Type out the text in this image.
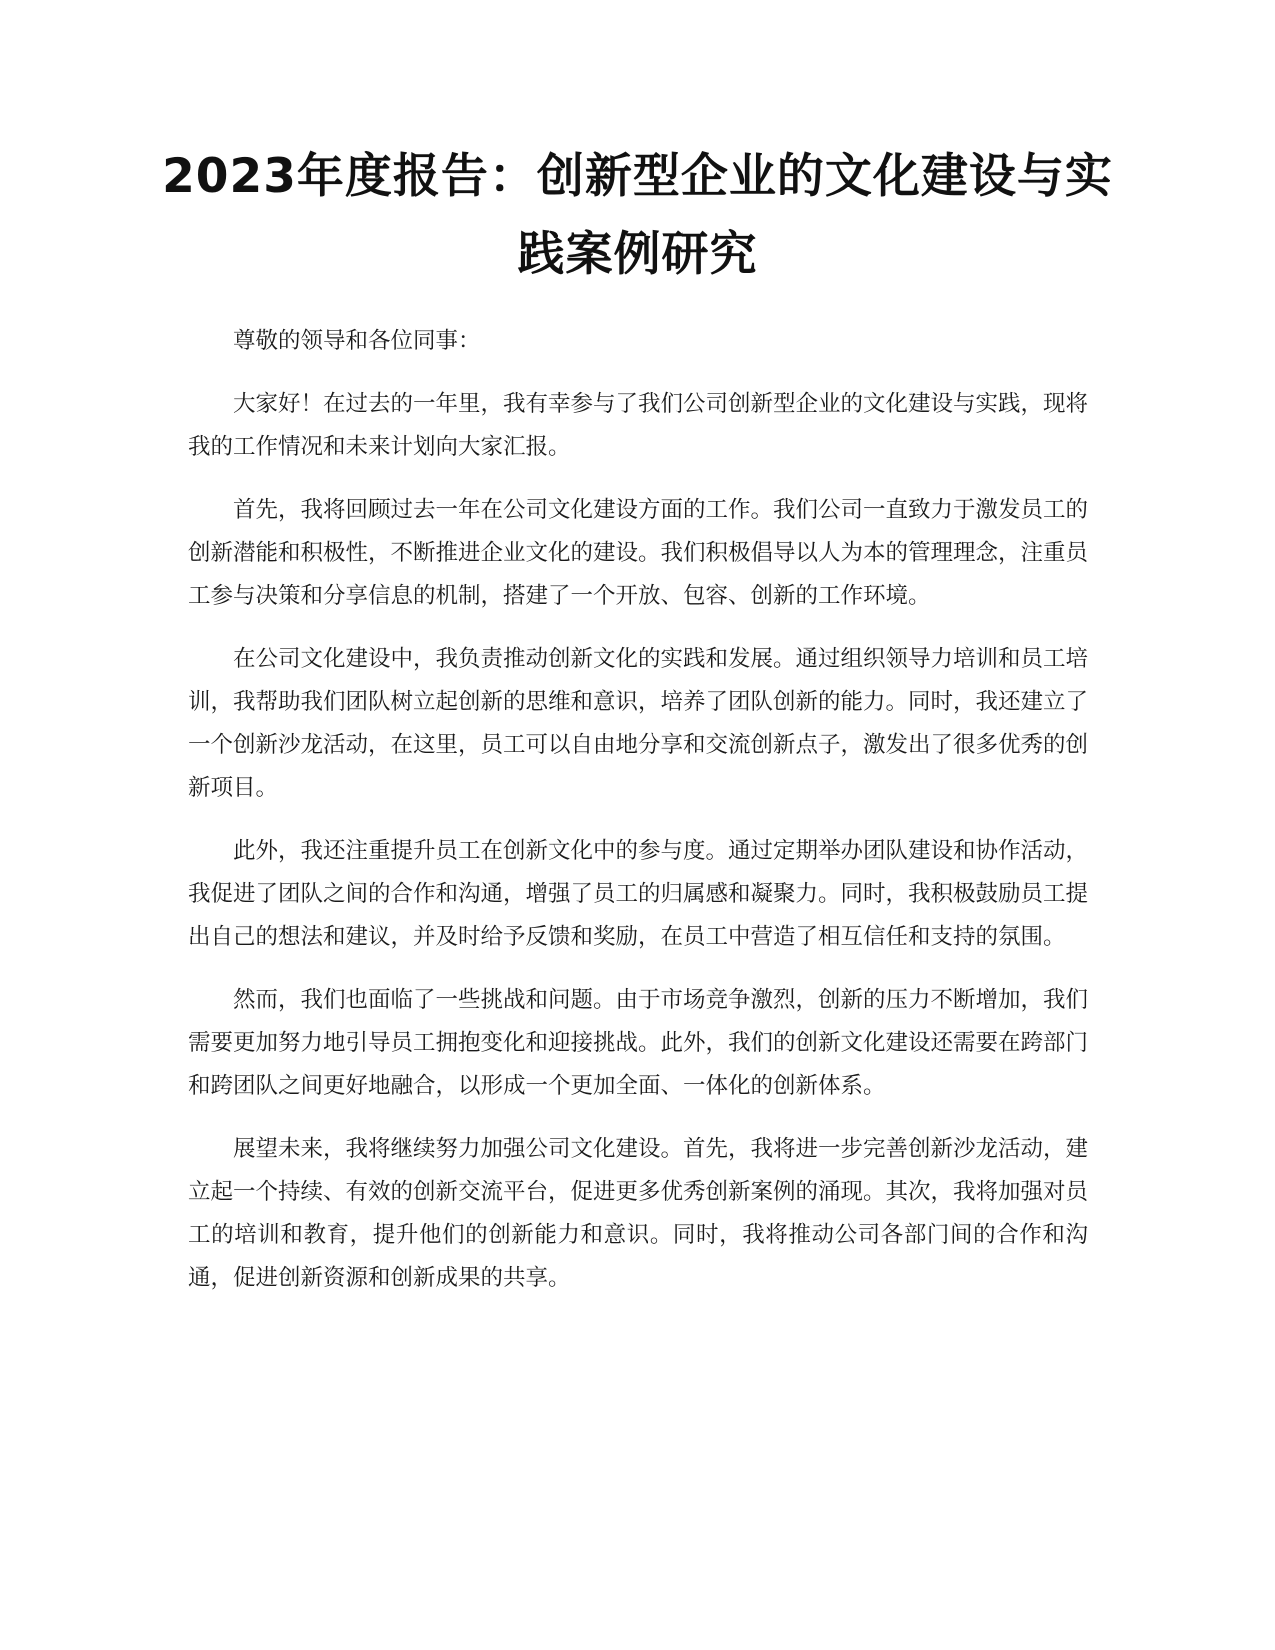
2023年度报告：创新型企业的文化建设与实践案例研究

尊敬的领导和各位同事：

大家好！在过去的一年里，我有幸参与了我们公司创新型企业的文化建设与实践，现将我的工作情况和未来计划向大家汇报。

首先，我将回顾过去一年在公司文化建设方面的工作。我们公司一直致力于激发员工的创新潜能和积极性，不断推进企业文化的建设。我们积极倡导以人为本的管理理念，注重员工参与决策和分享信息的机制，搭建了一个开放、包容、创新的工作环境。

在公司文化建设中，我负责推动创新文化的实践和发展。通过组织领导力培训和员工培训，我帮助我们团队树立起创新的思维和意识，培养了团队创新的能力。同时，我还建立了一个创新沙龙活动，在这里，员工可以自由地分享和交流创新点子，激发出了很多优秀的创新项目。

此外，我还注重提升员工在创新文化中的参与度。通过定期举办团队建设和协作活动，我促进了团队之间的合作和沟通，增强了员工的归属感和凝聚力。同时，我积极鼓励员工提出自己的想法和建议，并及时给予反馈和奖励，在员工中营造了相互信任和支持的氛围。

然而，我们也面临了一些挑战和问题。由于市场竞争激烈，创新的压力不断增加，我们需要更加努力地引导员工拥抱变化和迎接挑战。此外，我们的创新文化建设还需要在跨部门和跨团队之间更好地融合，以形成一个更加全面、一体化的创新体系。

展望未来，我将继续努力加强公司文化建设。首先，我将进一步完善创新沙龙活动，建立起一个持续、有效的创新交流平台，促进更多优秀创新案例的涌现。其次，我将加强对员工的培训和教育，提升他们的创新能力和意识。同时，我将推动公司各部门间的合作和沟通，促进创新资源和创新成果的共享。
